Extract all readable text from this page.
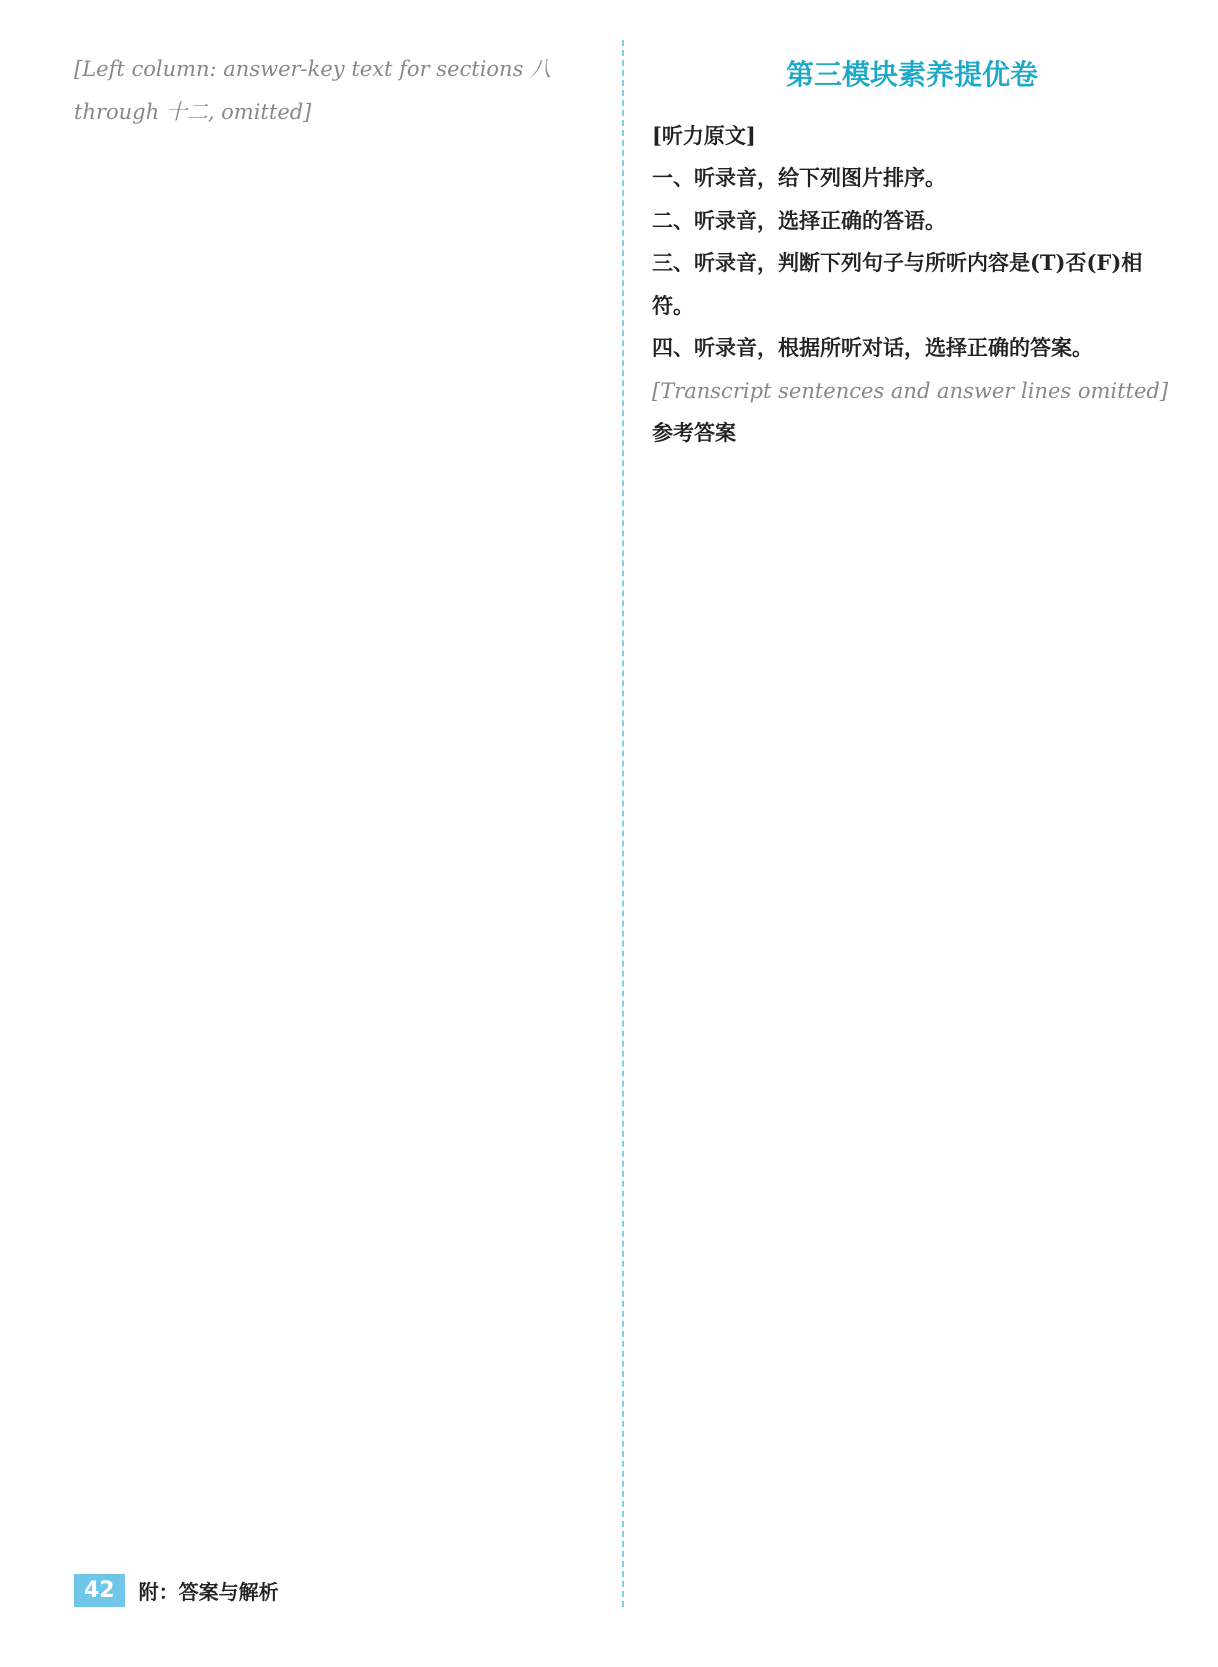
[Left column: answer-key text for sections 八 through 十二, omitted]

第三模块素养提优卷
[听力原文]
一、听录音，给下列图片排序。
二、听录音，选择正确的答语。
三、听录音，判断下列句子与所听内容是(T)否(F)相符。
四、听录音，根据所听对话，选择正确的答案。
[Transcript sentences and answer lines omitted]
参考答案
42	附：答案与解析
